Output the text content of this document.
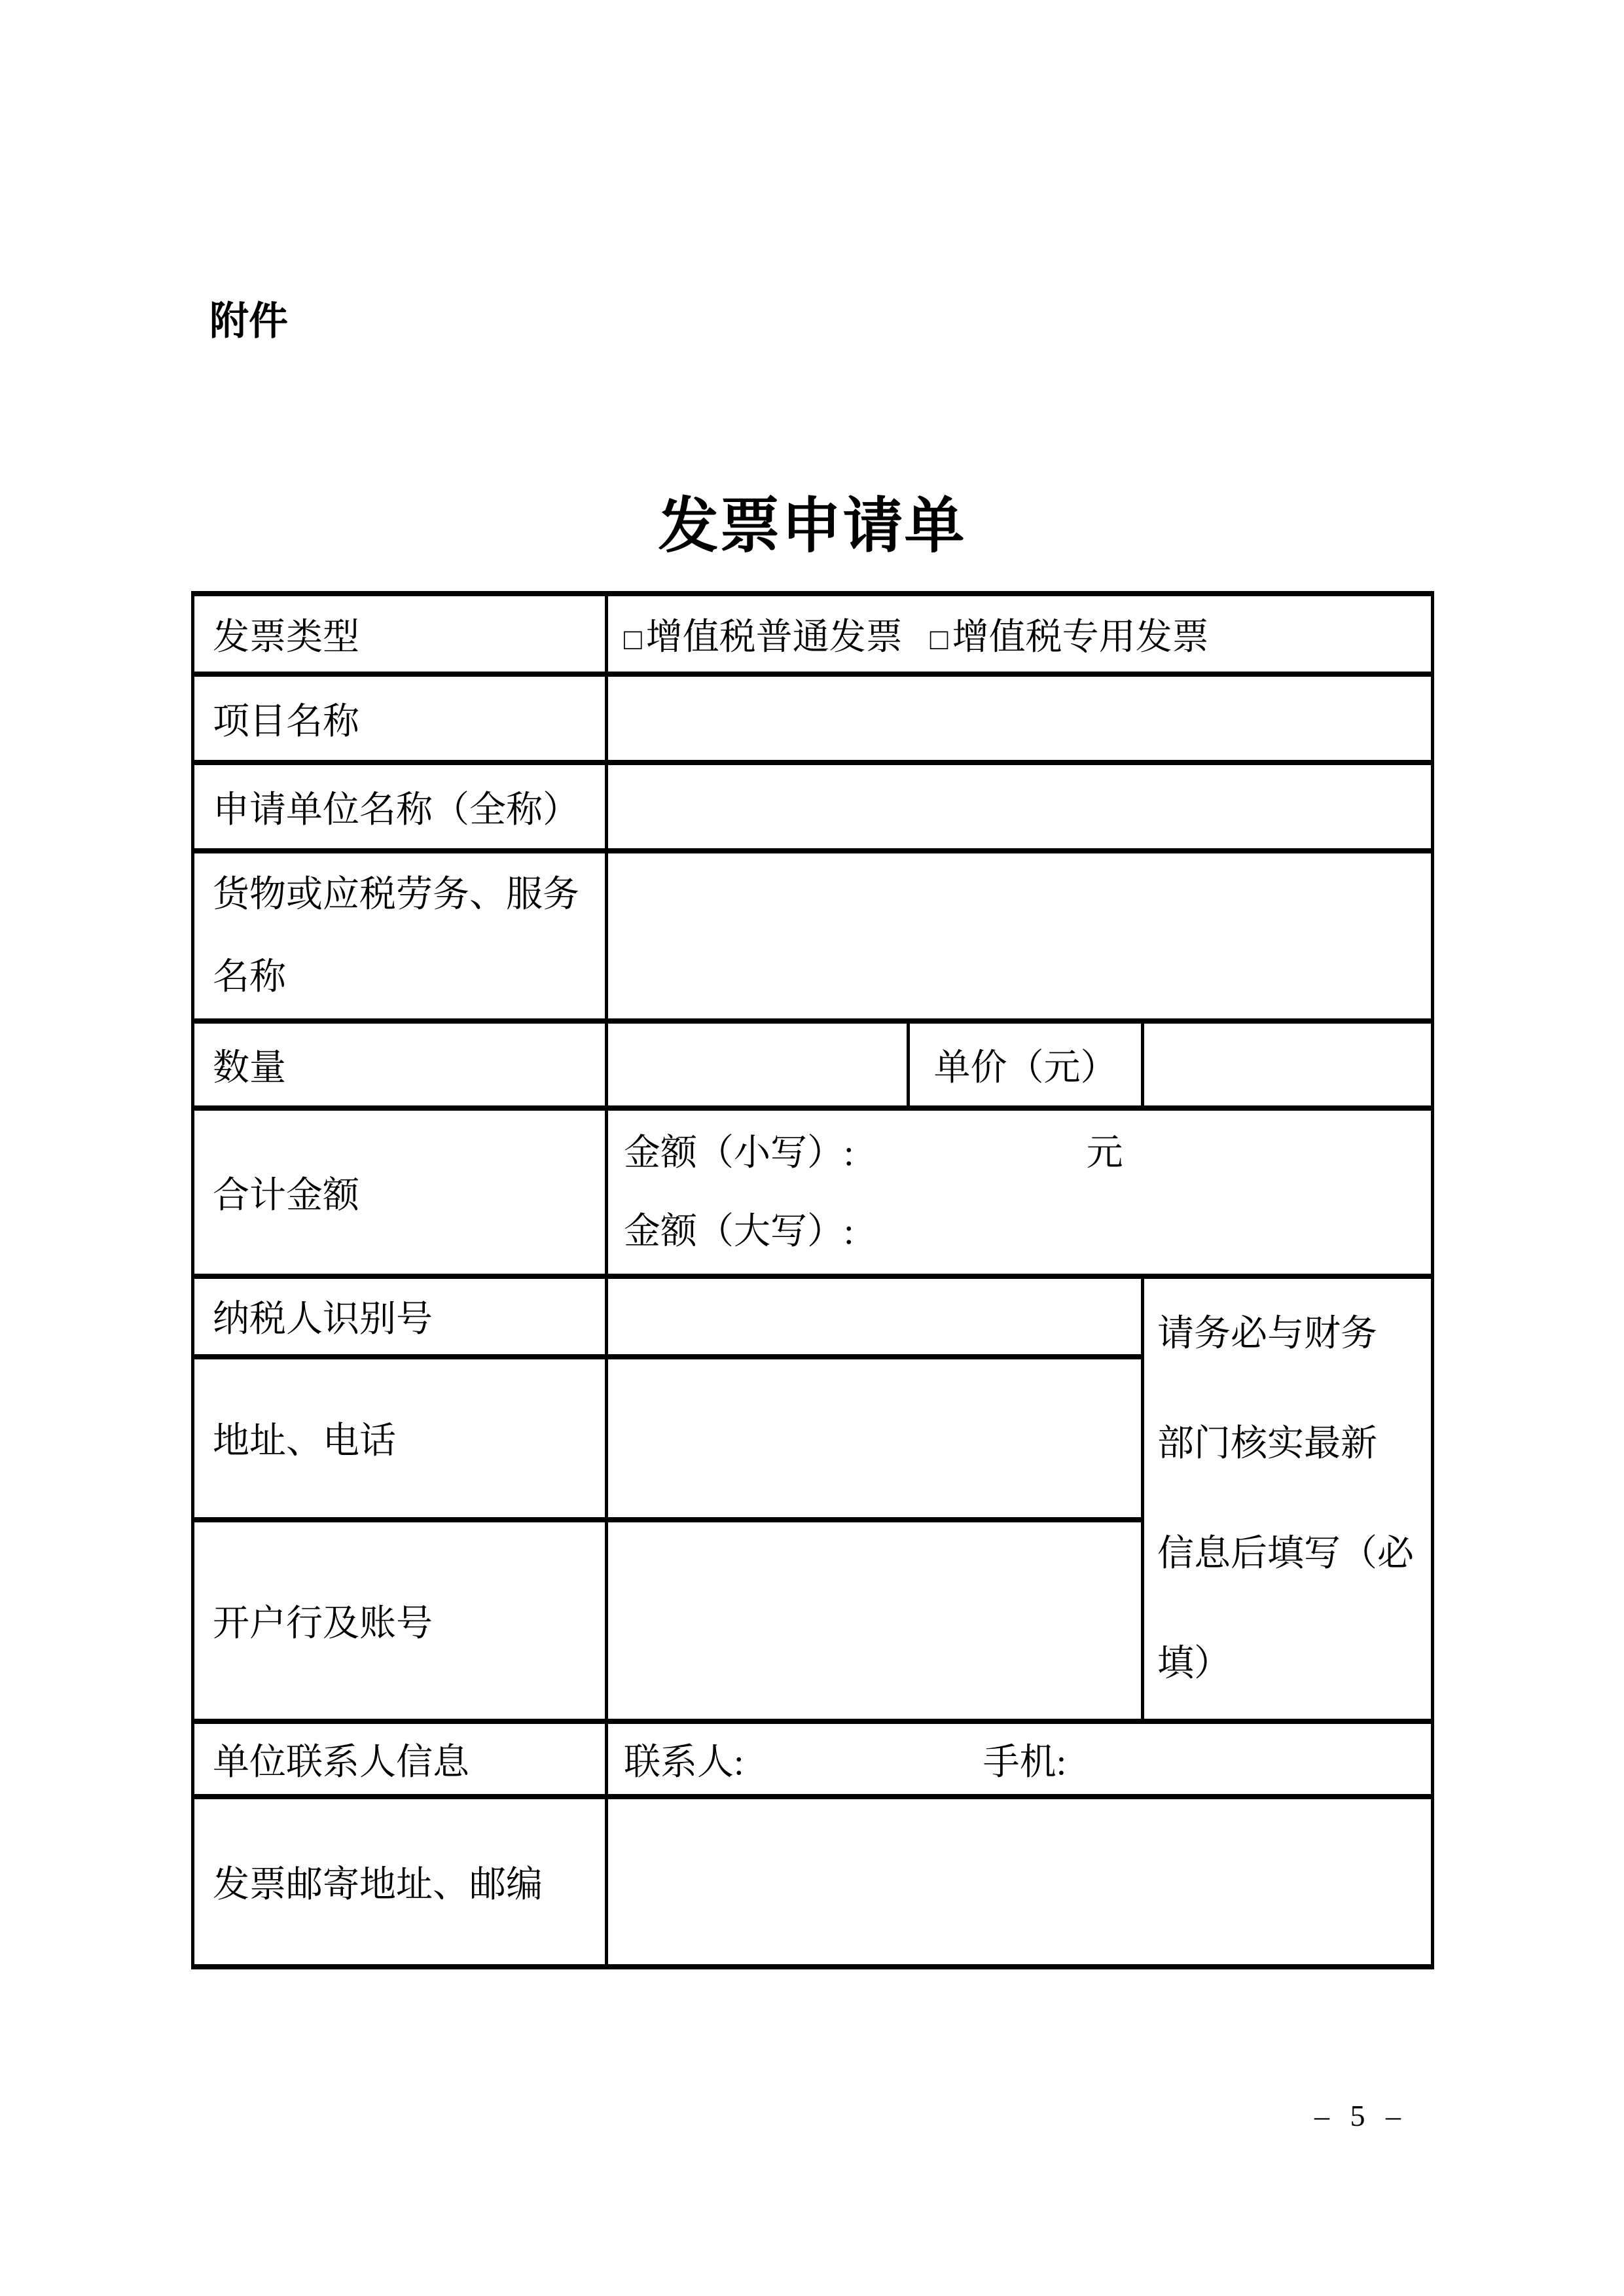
附件
发票申请单
发票类型	□ 增值税普通发票 □ 增值税专用发票		
项目名称			
申请单位名称（全称）			

货物或应税劳务、服务
名称			

数量		单价（元）	
合计金额	金额（小写）: 元
金额（大写）:		

纳税人识别号			请务必与财务
部门核实最新
信息后填写（必
填）

地址、电话			
开户行及账号			
单位联系人信息	联系人: 手机:		
发票邮寄地址、邮编			
– 5 –
